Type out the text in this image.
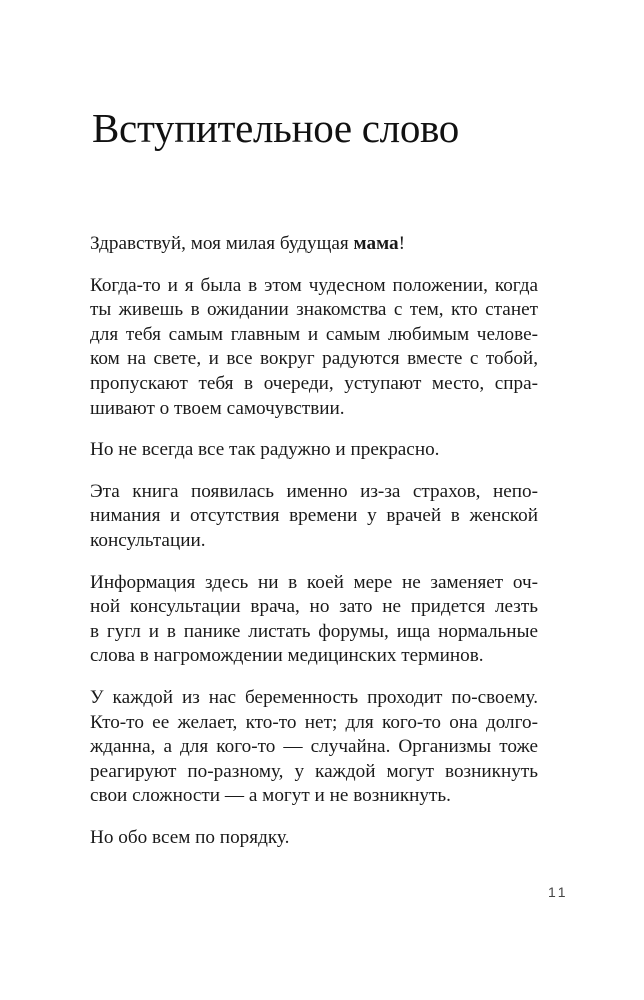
Вступительное слово

Здравствуй, моя милая будущая мама!

Когда-то и я была в этом чудесном положении, когда
ты живешь в ожидании знакомства с тем, кто станет
для тебя самым главным и самым любимым челове-
ком на свете, и все вокруг радуются вместе с тобой,
пропускают тебя в очереди, уступают место, спра-
шивают о твоем самочувствии.

Но не всегда все так радужно и прекрасно.

Эта книга появилась именно из-за страхов, непо-
нимания и отсутствия времени у врачей в женской
консультации.

Информация здесь ни в коей мере не заменяет оч-
ной консультации врача, но зато не придется лезть
в гугл и в панике листать форумы, ища нормальные
слова в нагромождении медицинских терминов.

У каждой из нас беременность проходит по-своему.
Кто-то ее желает, кто-то нет; для кого-то она долго-
жданна, а для кого-то — случайна. Организмы тоже
реагируют по-разному, у каждой могут возникнуть
свои сложности — а могут и не возникнуть.

Но обо всем по порядку.

11
